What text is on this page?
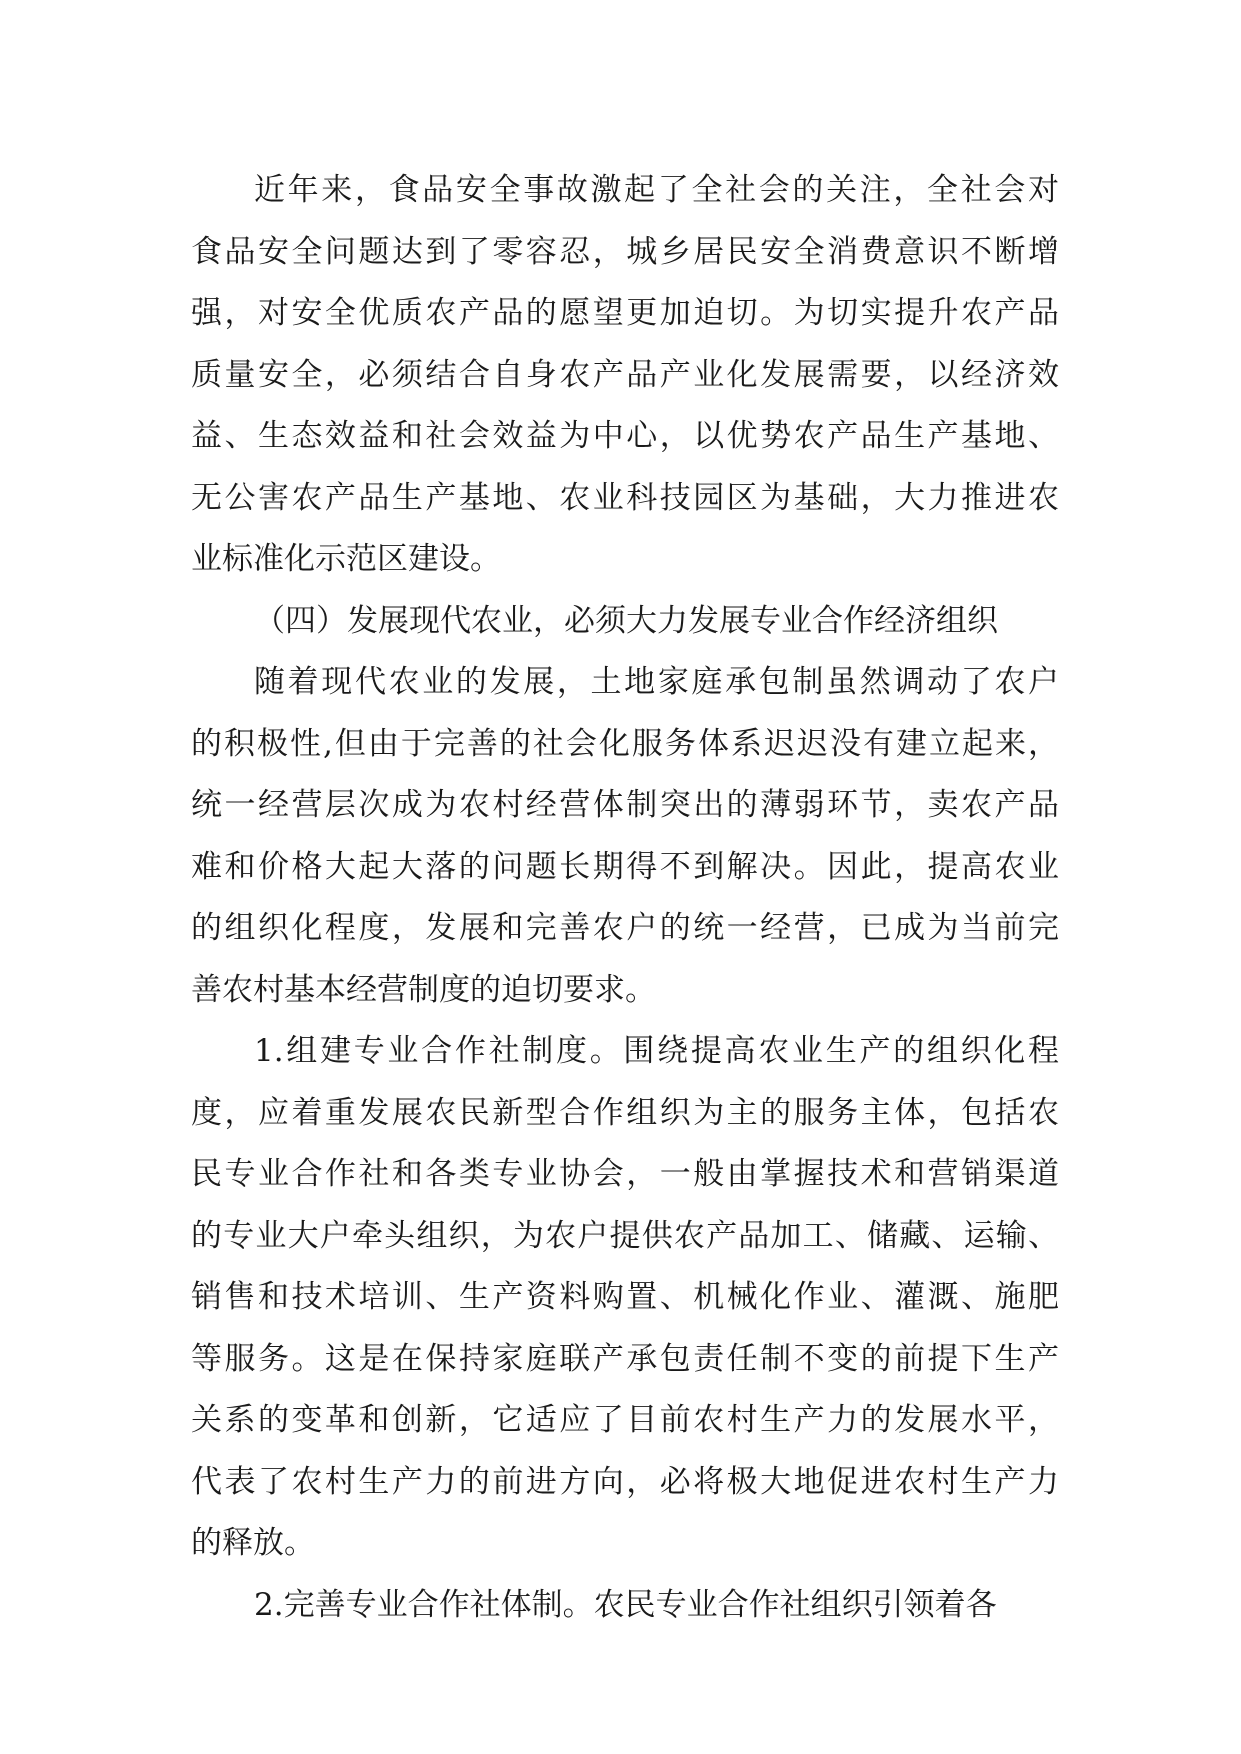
近年来，食品安全事故激起了全社会的关注，全社会对
食品安全问题达到了零容忍，城乡居民安全消费意识不断增
强，对安全优质农产品的愿望更加迫切。为切实提升农产品
质量安全，必须结合自身农产品产业化发展需要，以经济效
益、生态效益和社会效益为中心，以优势农产品生产基地、
无公害农产品生产基地、农业科技园区为基础，大力推进农
业标准化示范区建设。
（四）发展现代农业，必须大力发展专业合作经济组织
随着现代农业的发展，土地家庭承包制虽然调动了农户
的积极性,但由于完善的社会化服务体系迟迟没有建立起来，
统一经营层次成为农村经营体制突出的薄弱环节，卖农产品
难和价格大起大落的问题长期得不到解决。因此，提高农业
的组织化程度，发展和完善农户的统一经营，已成为当前完
善农村基本经营制度的迫切要求。
1.组建专业合作社制度。围绕提高农业生产的组织化程
度，应着重发展农民新型合作组织为主的服务主体，包括农
民专业合作社和各类专业协会，一般由掌握技术和营销渠道
的专业大户牵头组织，为农户提供农产品加工、储藏、运输、
销售和技术培训、生产资料购置、机械化作业、灌溉、施肥
等服务。这是在保持家庭联产承包责任制不变的前提下生产
关系的变革和创新，它适应了目前农村生产力的发展水平，
代表了农村生产力的前进方向，必将极大地促进农村生产力
的释放。
2.完善专业合作社体制。农民专业合作社组织引领着各
